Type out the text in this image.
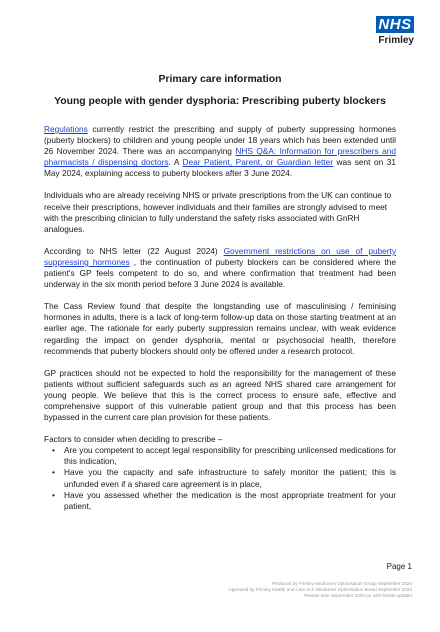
NHS
Frimley
Primary care information
Young people with gender dysphoria: Prescribing puberty blockers

Regulations currently restrict the prescribing and supply of puberty suppressing hormones (puberty blockers) to children and young people under 18 years which has been extended until 26 November 2024. There was an accompanying NHS Q&A: Information for prescribers and pharmacists / dispensing doctors. A Dear Patient, Parent, or Guardian letter was sent on 31 May 2024, explaining access to puberty blockers after 3 June 2024.

Individuals who are already receiving NHS or private prescriptions from the UK can continue to receive their prescriptions, however individuals and their families are strongly advised to meet with the prescribing clinician to fully understand the safety risks associated with GnRH analogues.

According to NHS letter (22 August 2024) Government restrictions on use of puberty suppressing hormones , the continuation of puberty blockers can be considered where the patient's GP feels competent to do so, and where confirmation that treatment had been underway in the six month period before 3 June 2024 is available.

The Cass Review found that despite the longstanding use of masculinising / feminising hormones in adults, there is a lack of long-term follow-up data on those starting treatment at an earlier age. The rationale for early puberty suppression remains unclear, with weak evidence regarding the impact on gender dysphoria, mental or psychosocial health, therefore recommends that puberty blockers should only be offered under a research protocol.

GP practices should not be expected to hold the responsibility for the management of these patients without sufficient safeguards such as an agreed NHS shared care arrangement for young people. We believe that this is the correct process to ensure safe, effective and comprehensive support of this vulnerable patient group and that this process has been bypassed in the current care plan provision for these patients.

Factors to consider when deciding to prescribe –

• Are you competent to accept legal responsibility for prescribing unlicensed medications for this indication,
• Have you the capacity and safe infrastructure to safely monitor the patient; this is unfunded even if a shared care agreement is in place,
• Have you assessed whether the medication is the most appropriate treatment for your patient,
Page 1
Produced by Frimley Medicines Optimisation Group September 2024
Approved by Frimley Health and Care ICS Medicines Optimisation Board September 2024
Review date September 2026 (or with NHSE update)
